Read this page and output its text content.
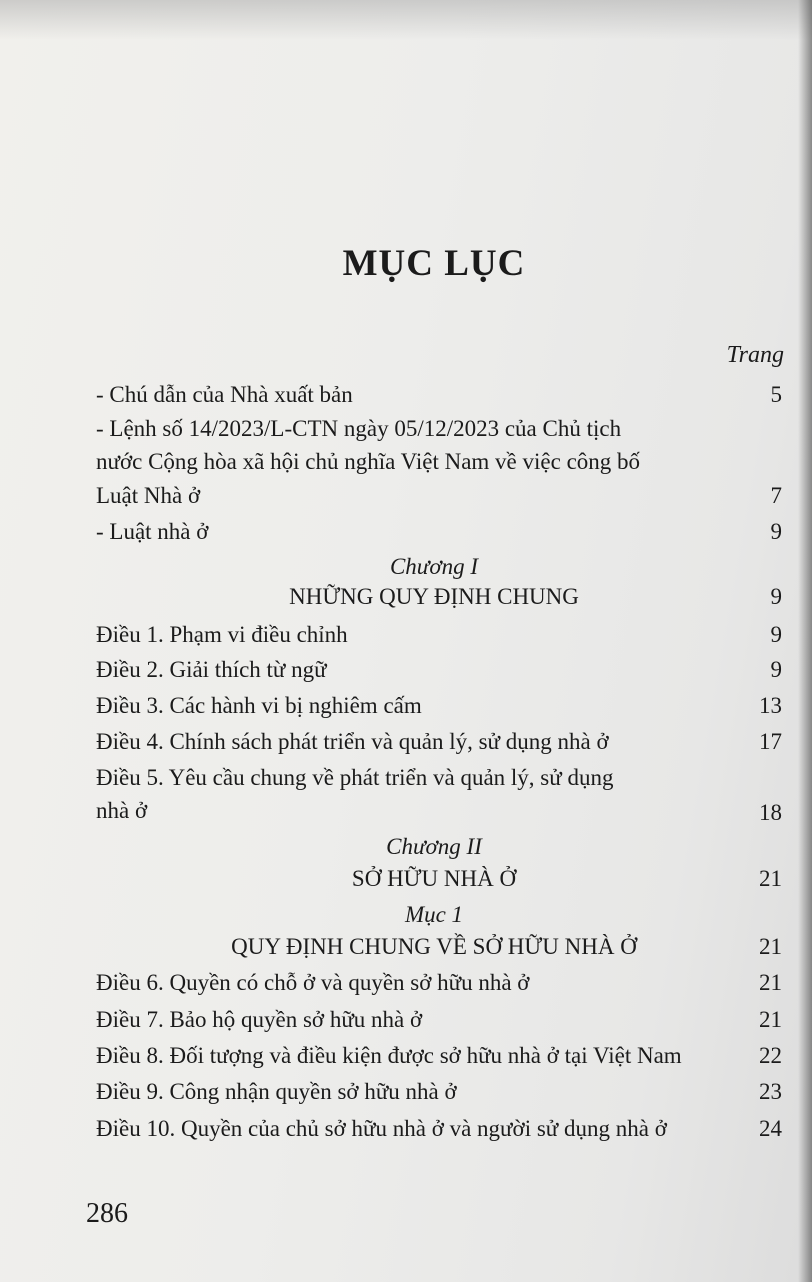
MỤC LỤC
Trang
- Chú dẫn của Nhà xuất bản	5
- Lệnh số 14/2023/L-CTN ngày 05/12/2023 của Chủ tịch
nước Cộng hòa xã hội chủ nghĩa Việt Nam về việc công bố
Luật Nhà ở	7
- Luật nhà ở	9
Chương I
NHỮNG QUY ĐỊNH CHUNG	9
Điều 1. Phạm vi điều chỉnh	9
Điều 2. Giải thích từ ngữ	9
Điều 3. Các hành vi bị nghiêm cấm	13
Điều 4. Chính sách phát triển và quản lý, sử dụng nhà ở	17
Điều 5. Yêu cầu chung về phát triển và quản lý, sử dụng
nhà ở	18
Chương II
SỞ HỮU NHÀ Ở	21
Mục 1
QUY ĐỊNH CHUNG VỀ SỞ HỮU NHÀ Ở	21
Điều 6. Quyền có chỗ ở và quyền sở hữu nhà ở	21
Điều 7. Bảo hộ quyền sở hữu nhà ở	21
Điều 8. Đối tượng và điều kiện được sở hữu nhà ở tại Việt Nam	22
Điều 9. Công nhận quyền sở hữu nhà ở	23
Điều 10. Quyền của chủ sở hữu nhà ở và người sử dụng nhà ở	24
286
